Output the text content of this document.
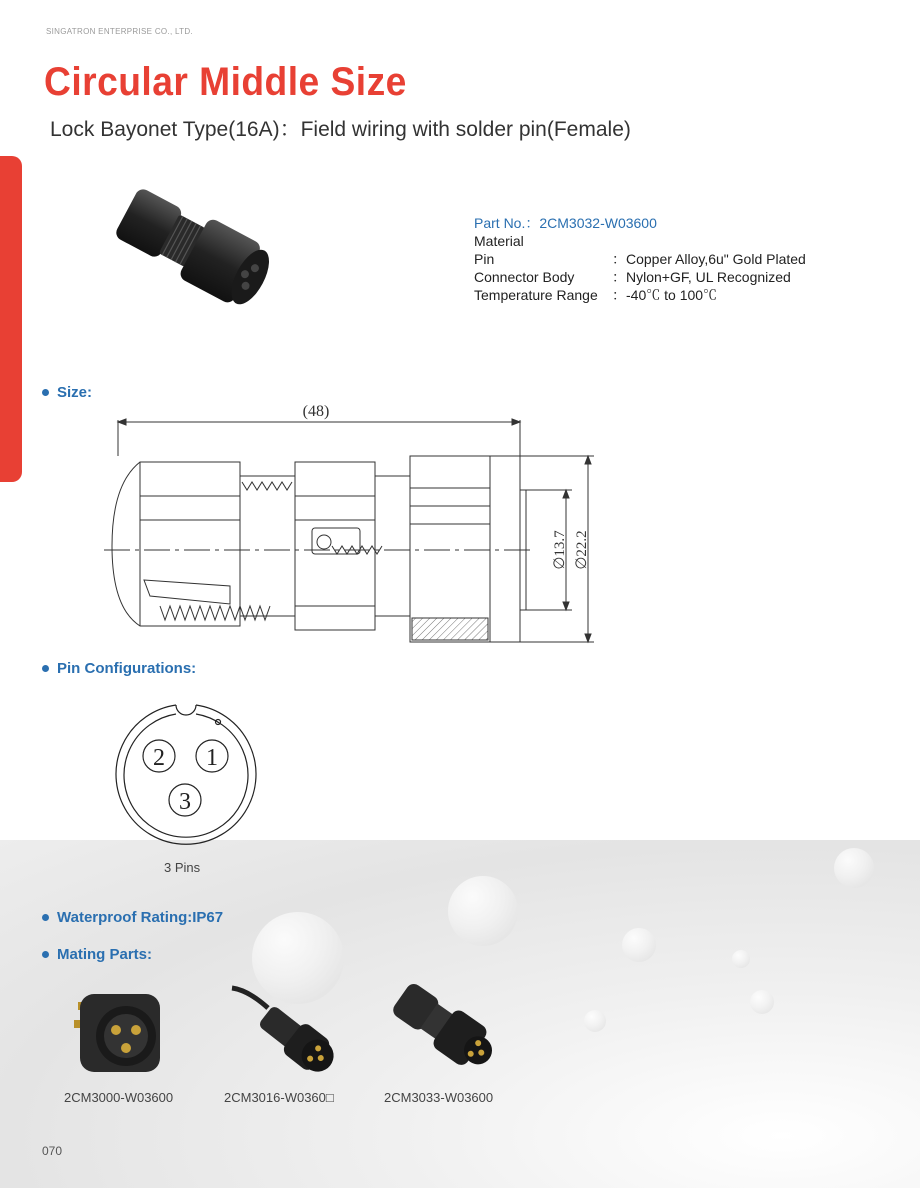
SINGATRON ENTERPRISE CO., LTD.
Circular Middle Size
Lock Bayonet Type(16A)：Field wiring with solder pin(Female)
Part No.：2CM3032-W03600
Material
Pin	：Copper Alloy,6u" Gold Plated
Connector Body	：Nylon+GF, UL Recognized
Temperature Range	：-40℃ to 100℃
Size:
(48)
∅13.7 ∅22.2
Pin Configurations:
2 1
3
3 Pins
Waterproof Rating:IP67
Mating Parts:
2CM3000-W03600	2CM3016-W0360□	2CM3033-W03600
070
